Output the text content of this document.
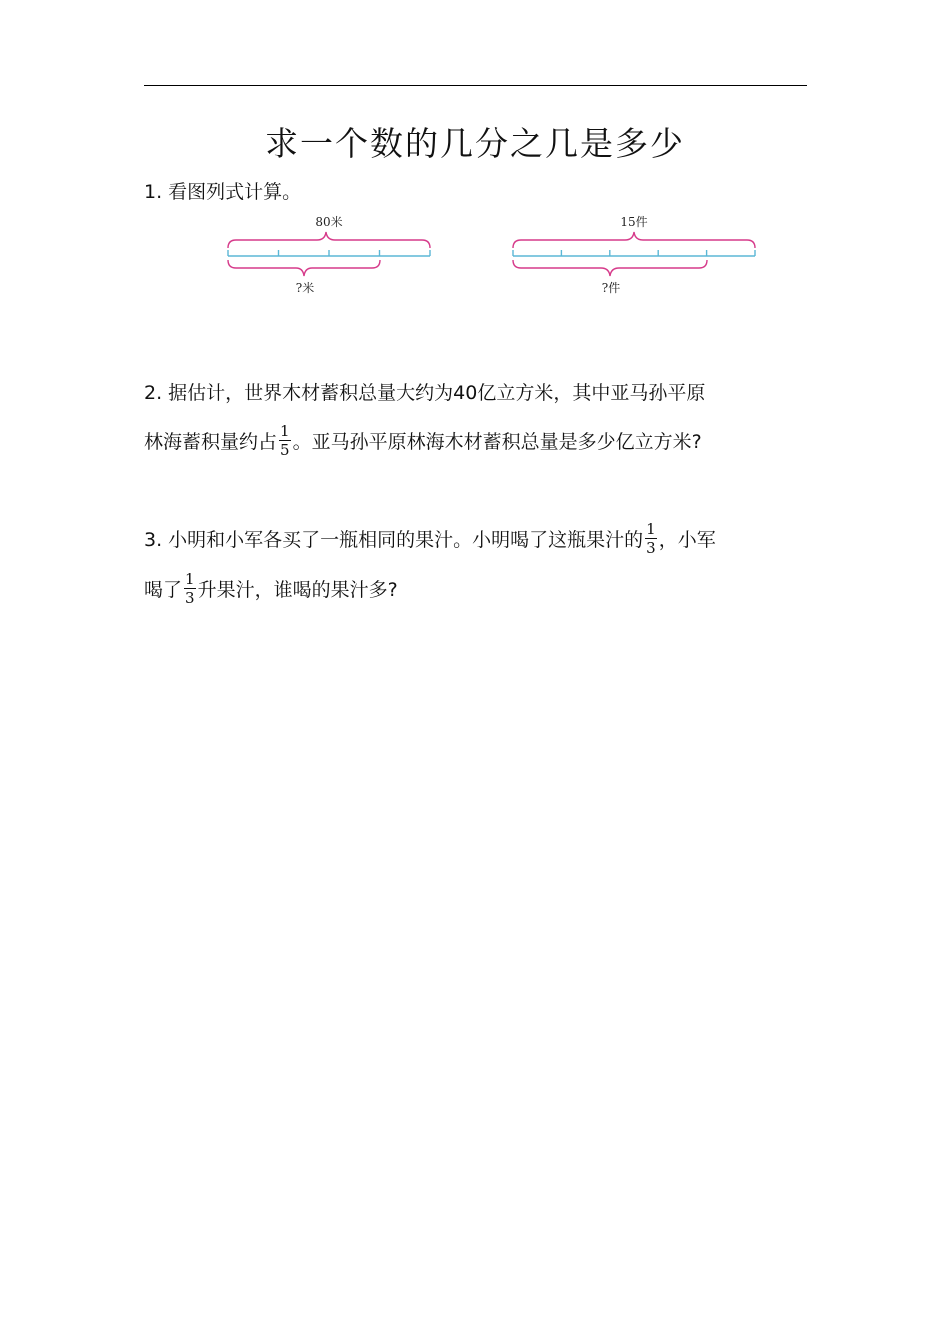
求一个数的几分之几是多少
1. 看图列式计算。
80米
?米
15件
?件
2. 据估计，世界木材蓄积总量大约为40亿立方米，其中亚马孙平原
林海蓄积量约占 $\frac{1}{5}$ 。亚马孙平原林海木材蓄积总量是多少亿立方米?
3. 小明和小军各买了一瓶相同的果汁。小明喝了这瓶果汁的 $\frac{1}{3}$ ，小军
喝了 $\frac{1}{3}$ 升果汁，谁喝的果汁多?
